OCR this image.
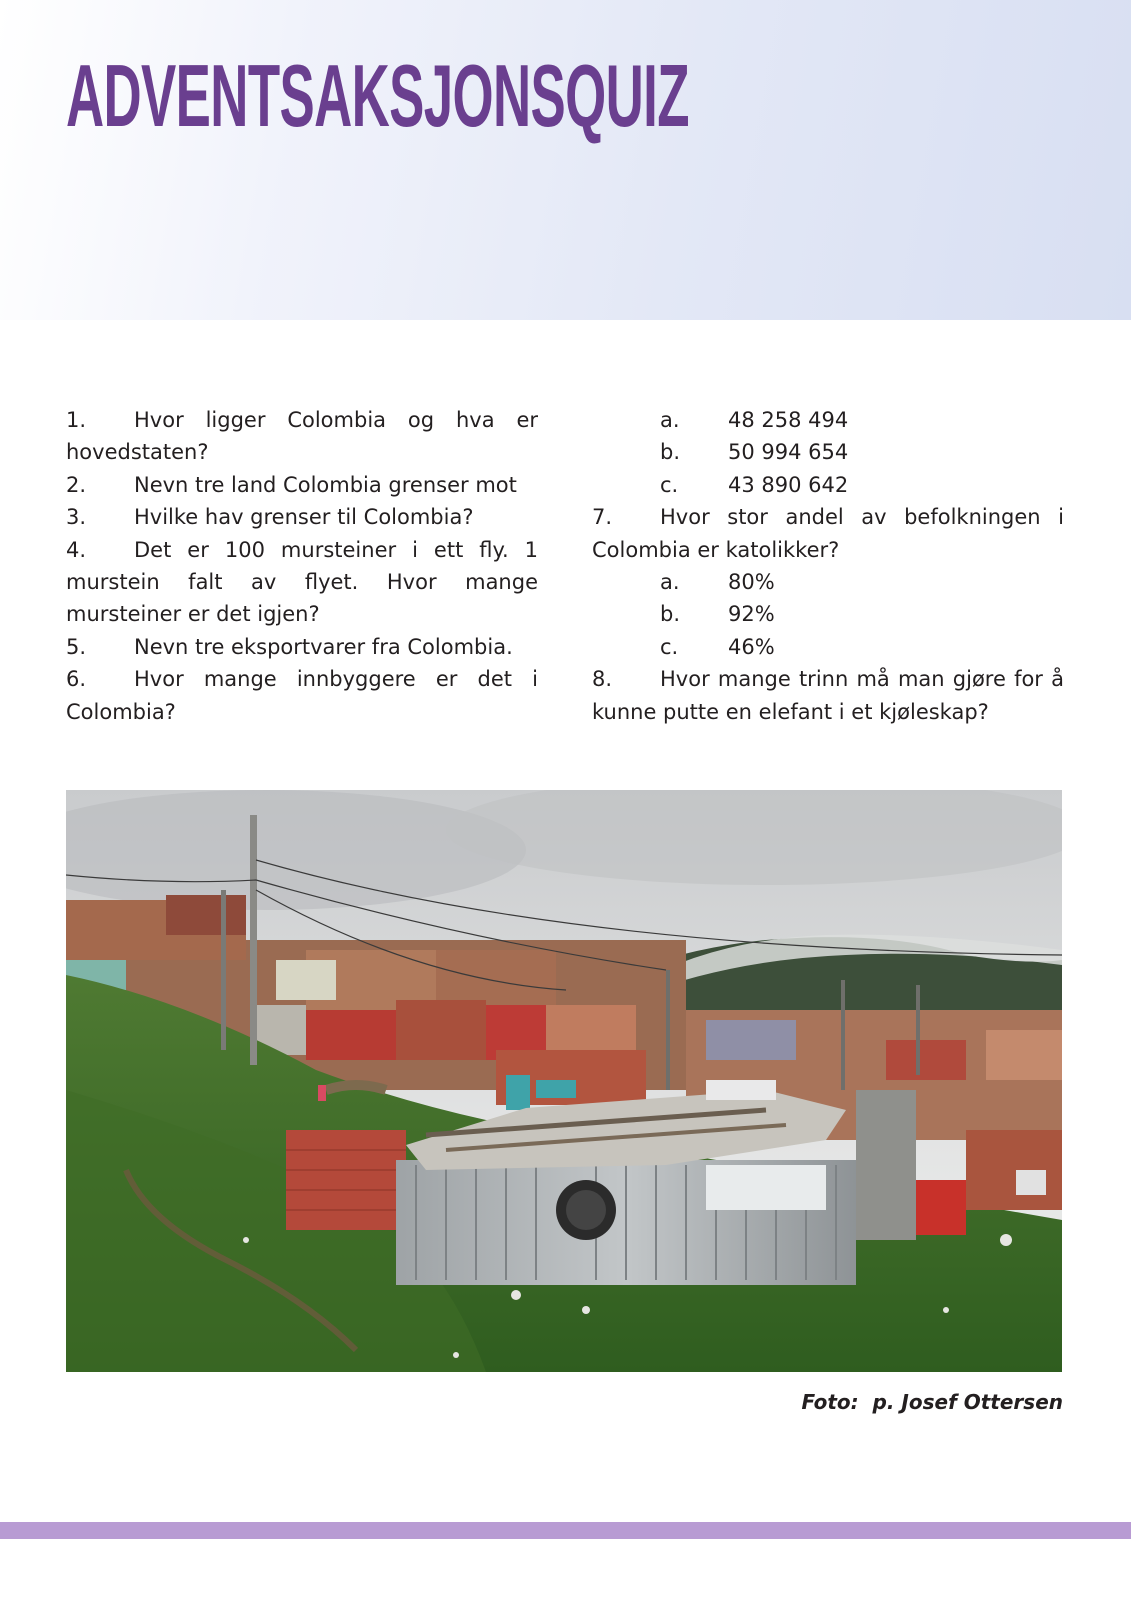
ADVENTSAKSJONSQUIZ

1. Hvor ligger Colombia og hva er hovedstaten?

2. Nevn tre land Colombia grenser mot

3. Hvilke hav grenser til Colombia?

4. Det er 100 mursteiner i ett fly. 1 murstein falt av flyet. Hvor mange mursteiner er det igjen?

5. Nevn tre eksportvarer fra Colombia.

6. Hvor mange innbyggere er det i Colombia?

a. 48 258 494

b. 50 994 654

c. 43 890 642

7. Hvor stor andel av befolkningen i Colombia er katolikker?

a. 80%

b. 92%

c. 46%

8. Hvor mange trinn må man gjøre for å kunne putte en elefant i et kjøleskap?

Foto:  p. Josef Ottersen
